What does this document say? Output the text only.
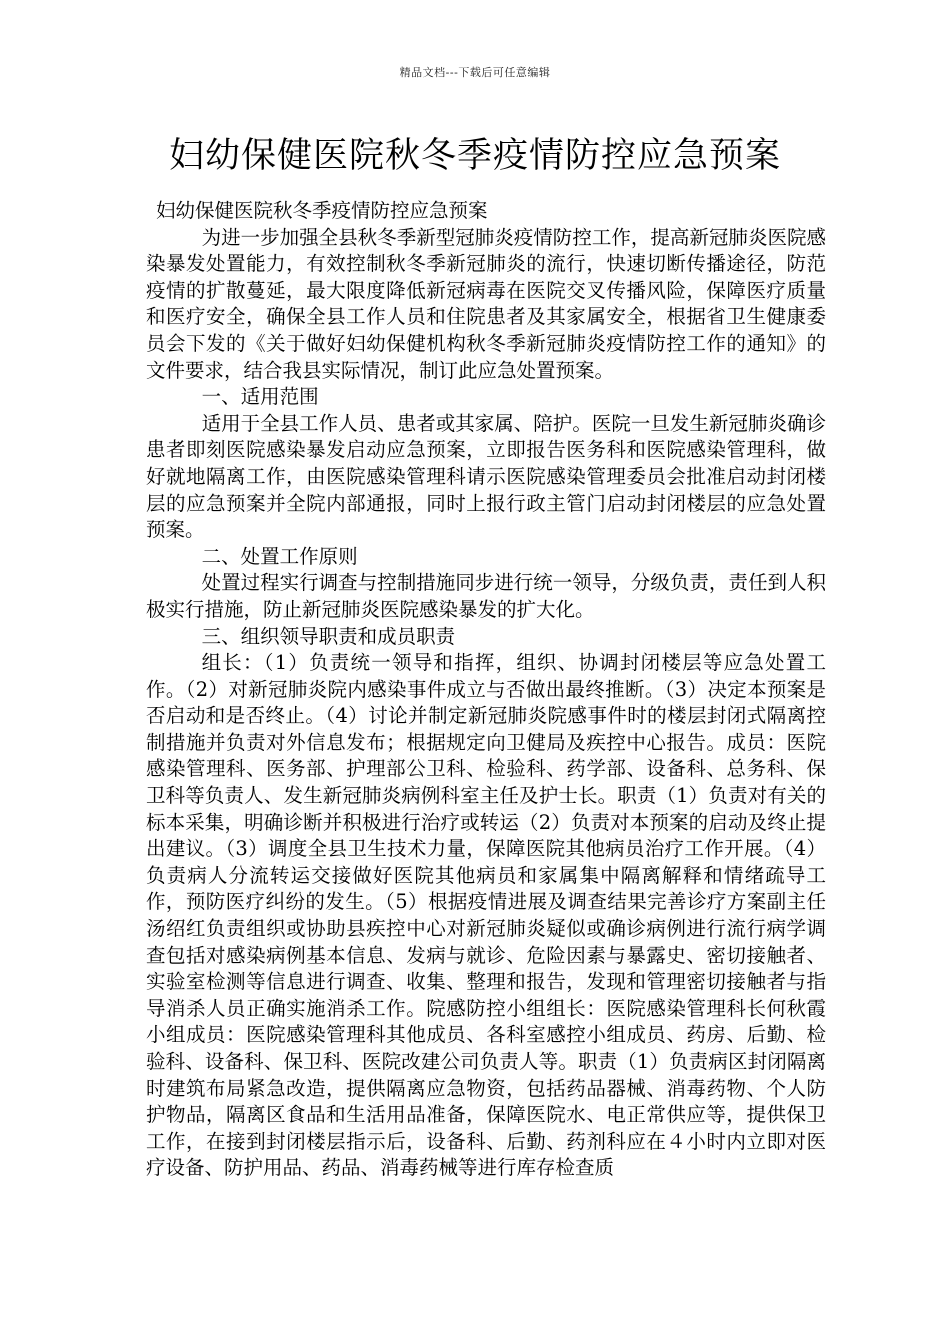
精品文档---下载后可任意编辑
妇幼保健医院秋冬季疫情防控应急预案

妇幼保健医院秋冬季疫情防控应急预案

为进一步加强全县秋冬季新型冠肺炎疫情防控工作，提高新冠肺炎医院感染暴发处置能力，有效控制秋冬季新冠肺炎的流行，快速切断传播途径，防范疫情的扩散蔓延，最大限度降低新冠病毒在医院交叉传播风险，保障医疗质量和医疗安全，确保全县工作人员和住院患者及其家属安全，根据省卫生健康委员会下发的《关于做好妇幼保健机构秋冬季新冠肺炎疫情防控工作的通知》的文件要求，结合我县实际情况，制订此应急处置预案。

一、适用范围

适用于全县工作人员、患者或其家属、陪护。医院一旦发生新冠肺炎确诊患者即刻医院感染暴发启动应急预案，立即报告医务科和医院感染管理科，做好就地隔离工作，由医院感染管理科请示医院感染管理委员会批准启动封闭楼层的应急预案并全院内部通报，同时上报行政主管门启动封闭楼层的应急处置预案。

二、处置工作原则

处置过程实行调查与控制措施同步进行统一领导，分级负责，责任到人积极实行措施，防止新冠肺炎医院感染暴发的扩大化。

三、组织领导职责和成员职责

组长：（1）负责统一领导和指挥，组织、协调封闭楼层等应急处置工作。（2）对新冠肺炎院内感染事件成立与否做出最终推断。（3）决定本预案是否启动和是否终止。（4）讨论并制定新冠肺炎院感事件时的楼层封闭式隔离控制措施并负责对外信息发布；根据规定向卫健局及疾控中心报告。成员：医院感染管理科、医务部、护理部公卫科、检验科、药学部、设备科、总务科、保卫科等负责人、发生新冠肺炎病例科室主任及护士长。职责（1）负责对有关的标本采集，明确诊断并积极进行治疗或转运（2）负责对本预案的启动及终止提出建议。（3）调度全县卫生技术力量，保障医院其他病员治疗工作开展。（4）负责病人分流转运交接做好医院其他病员和家属集中隔离解释和情绪疏导工作，预防医疗纠纷的发生。（5）根据疫情进展及调查结果完善诊疗方案副主任汤绍红负责组织或协助县疾控中心对新冠肺炎疑似或确诊病例进行流行病学调查包括对感染病例基本信息、发病与就诊、危险因素与暴露史、密切接触者、实验室检测等信息进行调查、收集、整理和报告，发现和管理密切接触者与指导消杀人员正确实施消杀工作。院感防控小组组长：医院感染管理科长何秋霞小组成员：医院感染管理科其他成员、各科室感控小组成员、药房、后勤、检验科、设备科、保卫科、医院改建公司负责人等。职责（1）负责病区封闭隔离时建筑布局紧急改造，提供隔离应急物资，包括药品器械、消毒药物、个人防护物品，隔离区食品和生活用品准备，保障医院水、电正常供应等，提供保卫工作，在接到封闭楼层指示后，设备科、后勤、药剂科应在４小时内立即对医疗设备、防护用品、药品、消毒药械等进行库存检查质
